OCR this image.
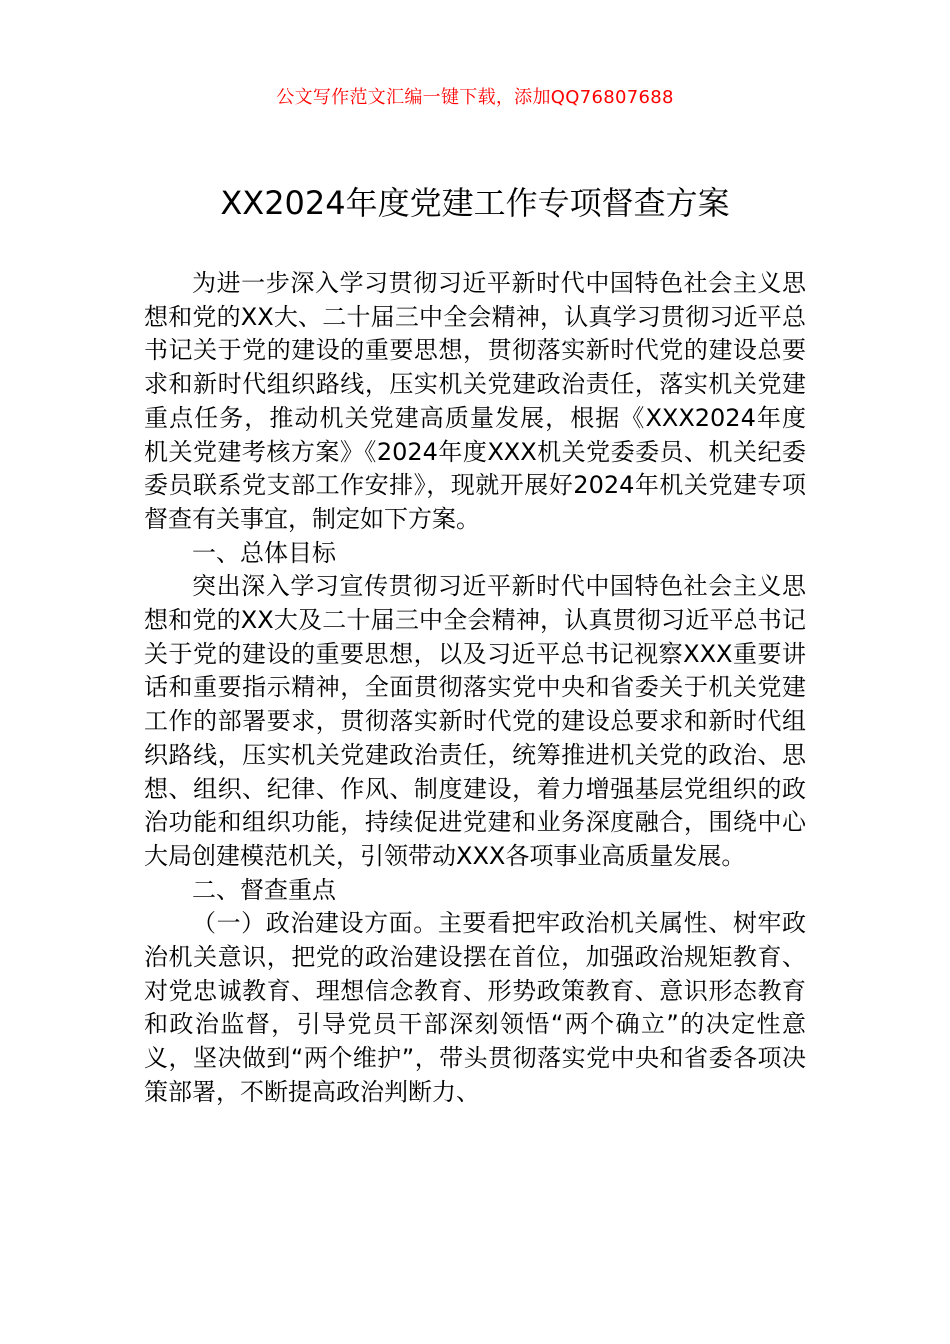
公文写作范文汇编一键下载，添加QQ76807688
XX2024年度党建工作专项督查方案

为进一步深入学习贯彻习近平新时代中国特色社会主义思想和党的XX大、二十届三中全会精神，认真学习贯彻习近平总书记关于党的建设的重要思想，贯彻落实新时代党的建设总要求和新时代组织路线，压实机关党建政治责任，落实机关党建重点任务，推动机关党建高质量发展，根据《XXX2024年度机关党建考核方案》《2024年度XXX机关党委委员、机关纪委委员联系党支部工作安排》，现就开展好2024年机关党建专项督查有关事宜，制定如下方案。

一、总体目标

突出深入学习宣传贯彻习近平新时代中国特色社会主义思想和党的XX大及二十届三中全会精神，认真贯彻习近平总书记关于党的建设的重要思想，以及习近平总书记视察XXX重要讲话和重要指示精神，全面贯彻落实党中央和省委关于机关党建工作的部署要求，贯彻落实新时代党的建设总要求和新时代组织路线，压实机关党建政治责任，统筹推进机关党的政治、思想、组织、纪律、作风、制度建设，着力增强基层党组织的政治功能和组织功能，持续促进党建和业务深度融合，围绕中心大局创建模范机关，引领带动XXX各项事业高质量发展。

二、督查重点

（一）政治建设方面。主要看把牢政治机关属性、树牢政治机关意识，把党的政治建设摆在首位，加强政治规矩教育、对党忠诚教育、理想信念教育、形势政策教育、意识形态教育和政治监督，引导党员干部深刻领悟“两个确立”的决定性意义，坚决做到“两个维护”，带头贯彻落实党中央和省委各项决策部署，不断提高政治判断力、
